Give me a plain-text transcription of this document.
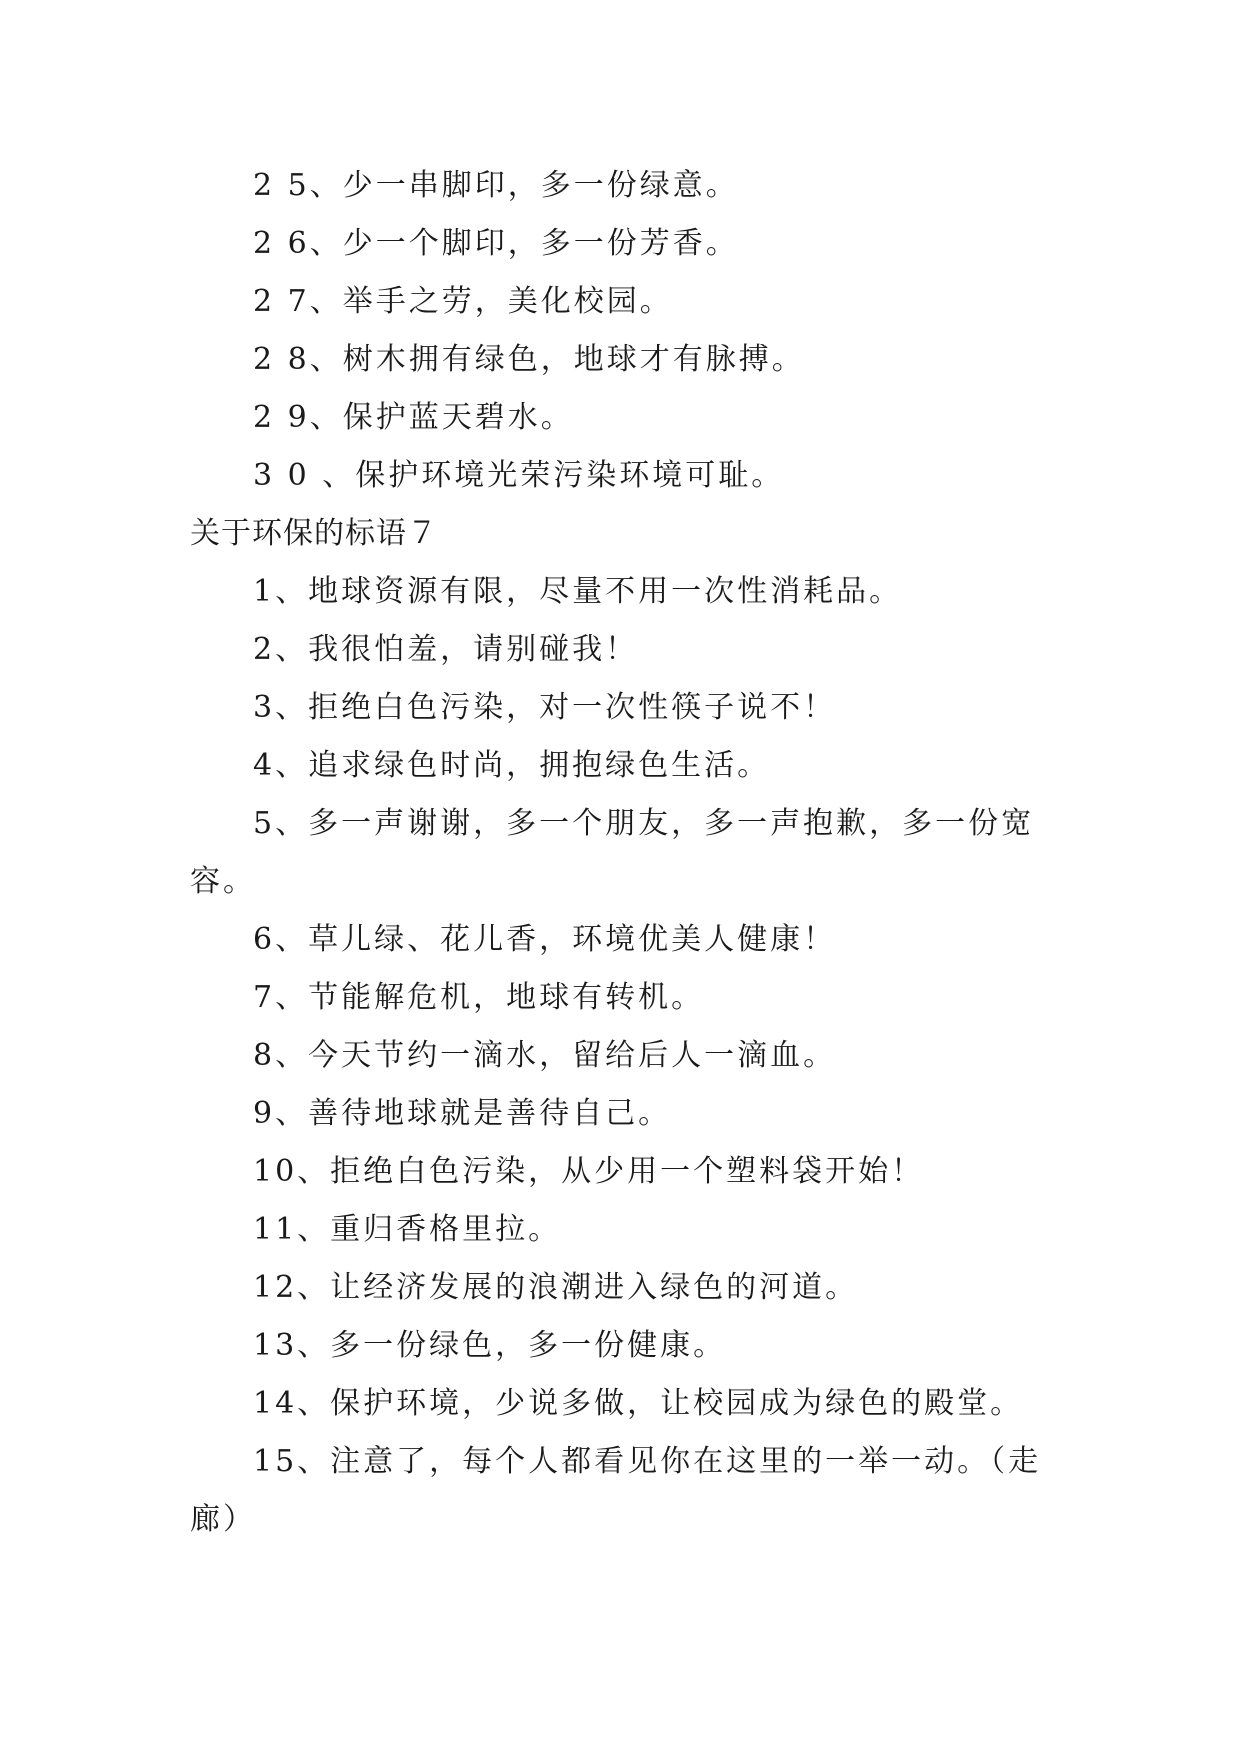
2 5、少一串脚印，多一份绿意。
2 6、少一个脚印，多一份芳香。
2 7、举手之劳，美化校园。
2 8、树木拥有绿色，地球才有脉搏。
2 9、保护蓝天碧水。
3 0 、保护环境光荣污染环境可耻。
关于环保的标语７
1、地球资源有限，尽量不用一次性消耗品。
2、我很怕羞，请别碰我！
3、拒绝白色污染，对一次性筷子说不！
4、追求绿色时尚，拥抱绿色生活。
5、多一声谢谢，多一个朋友，多一声抱歉，多一份宽
容。
6、草儿绿、花儿香，环境优美人健康！
7、节能解危机，地球有转机。
8、今天节约一滴水，留给后人一滴血。
9、善待地球就是善待自己。
10、拒绝白色污染，从少用一个塑料袋开始！
11、重归香格里拉。
12、让经济发展的浪潮进入绿色的河道。
13、多一份绿色，多一份健康。
14、保护环境，少说多做，让校园成为绿色的殿堂。
15、注意了，每个人都看见你在这里的一举一动。（走
廊）
